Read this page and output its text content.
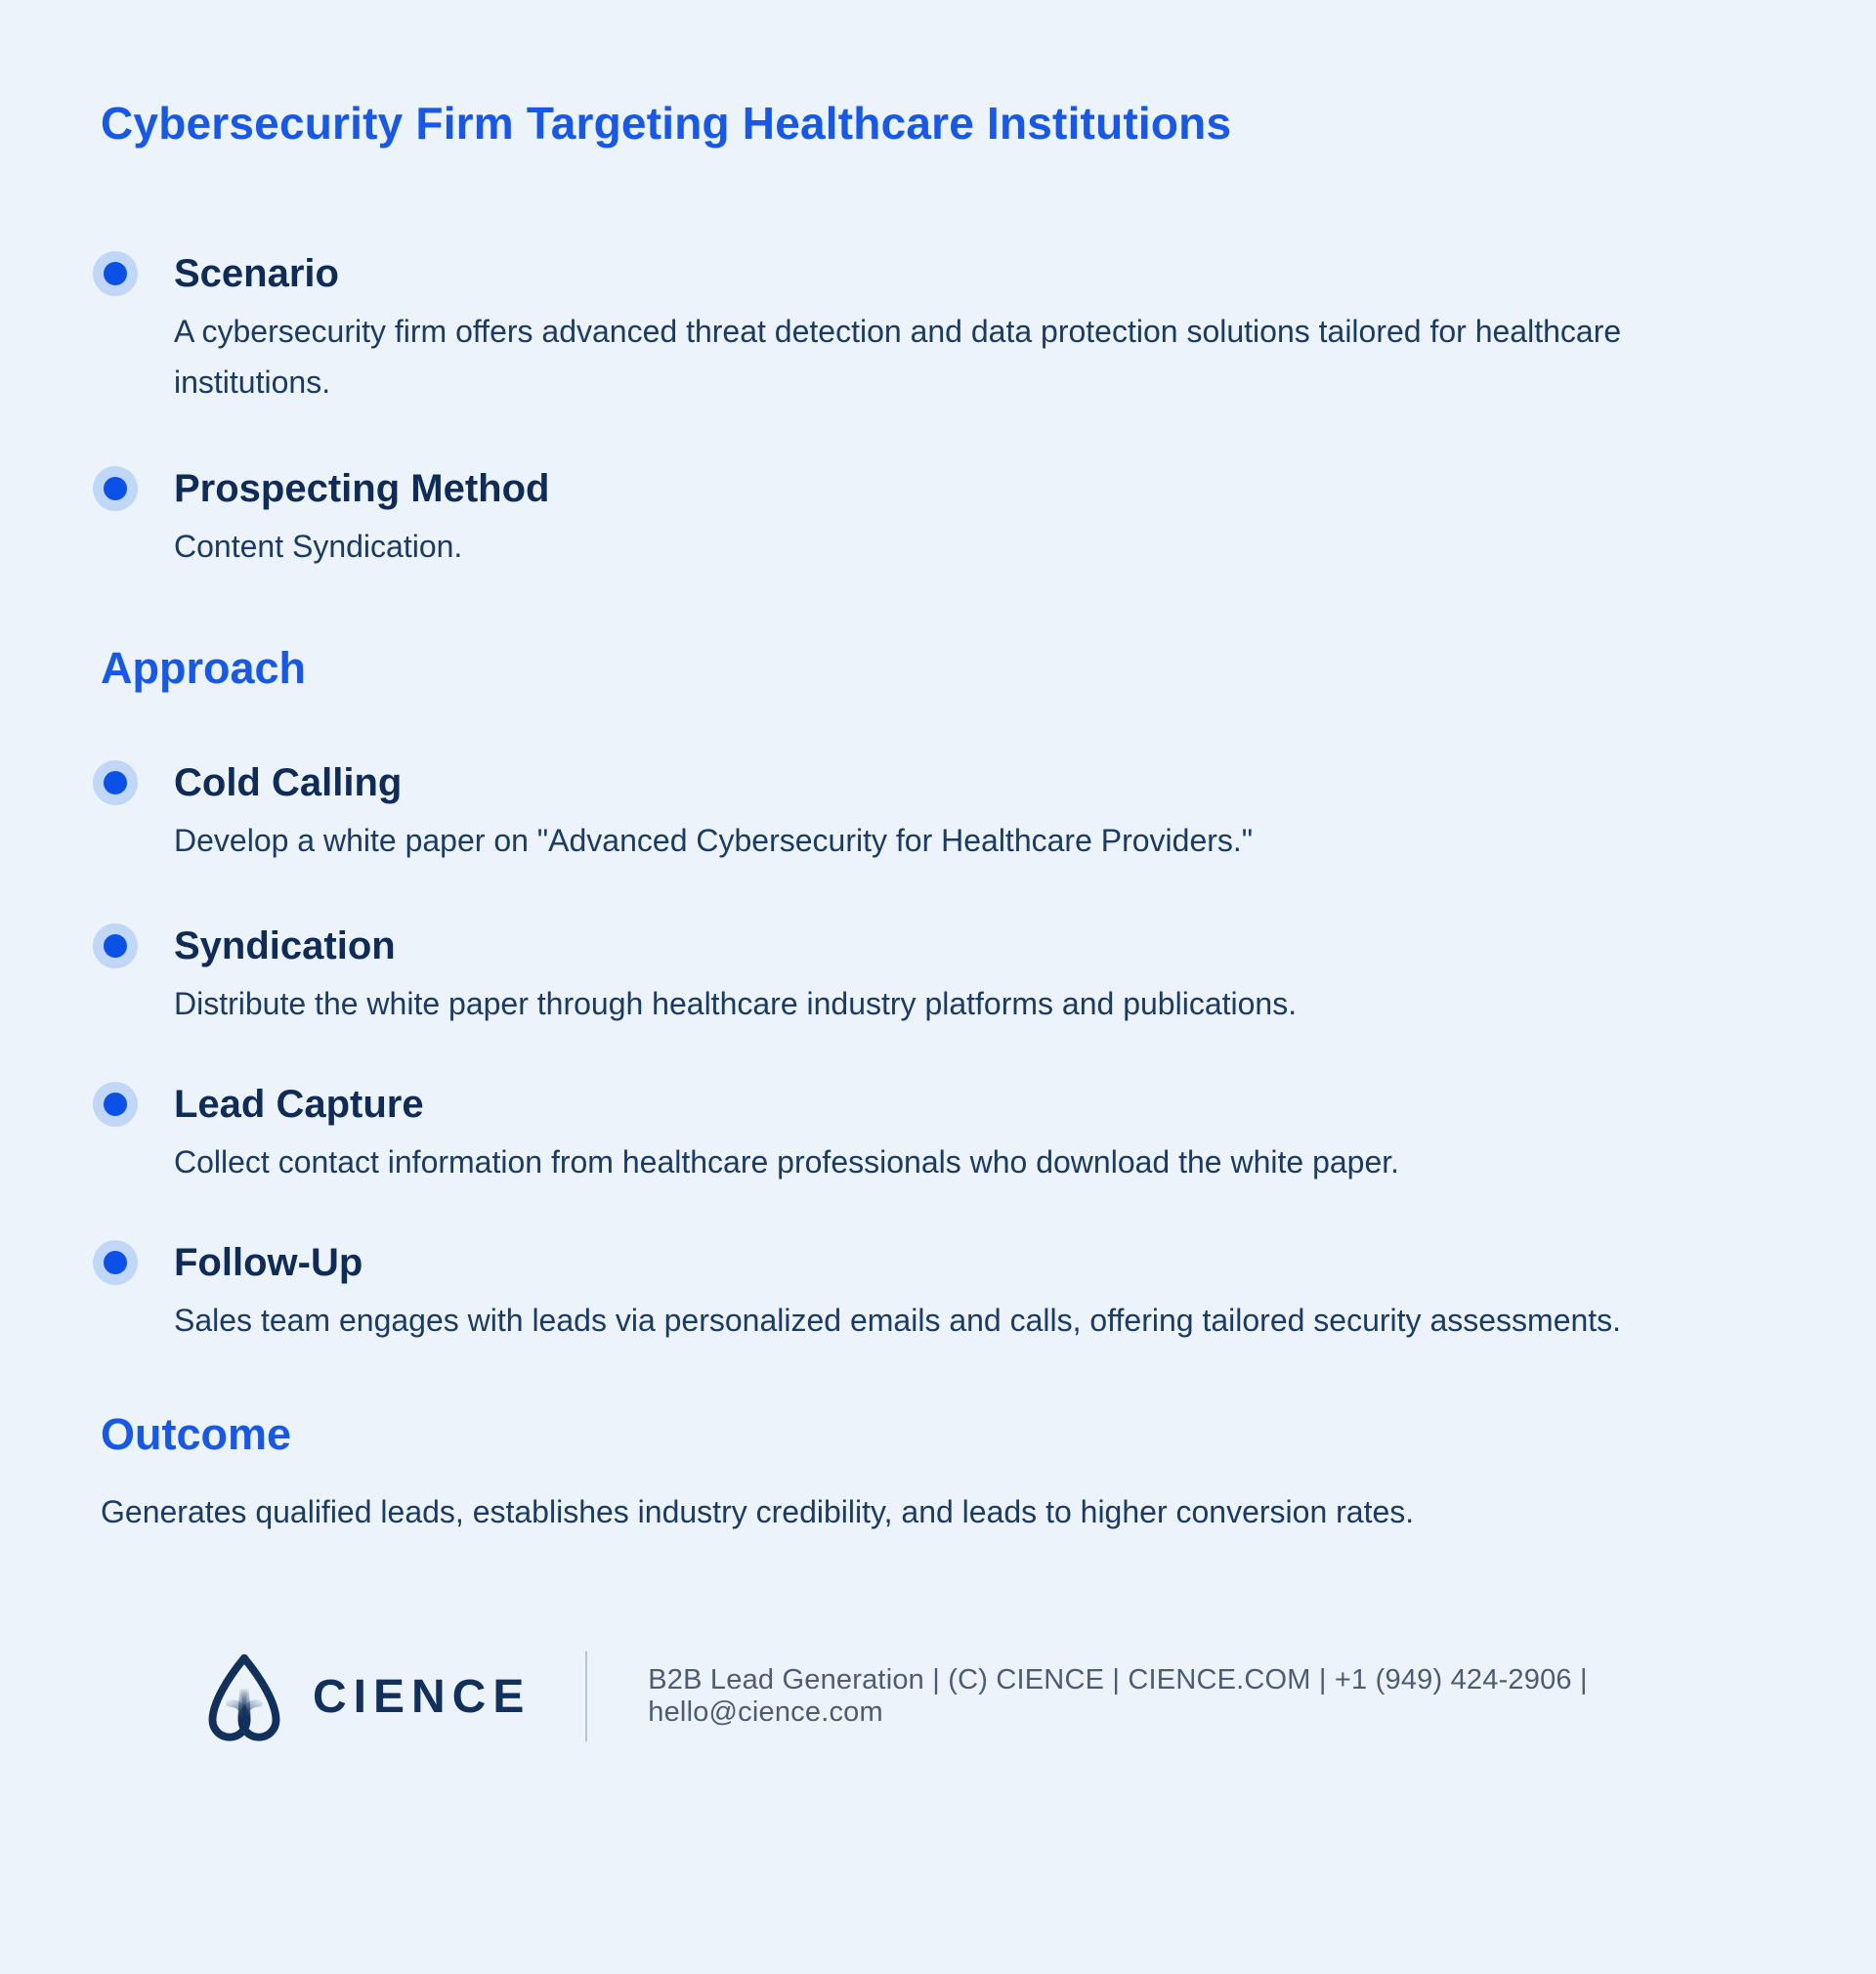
Cybersecurity Firm Targeting Healthcare Institutions
Scenario

A cybersecurity firm offers advanced threat detection and data protection solutions tailored for healthcare institutions.

Prospecting Method

Content Syndication.

Approach
Cold Calling

Develop a white paper on "Advanced Cybersecurity for Healthcare Providers."

Syndication

Distribute the white paper through healthcare industry platforms and publications.

Lead Capture

Collect contact information from healthcare professionals who download the white paper.

Follow-Up

Sales team engages with leads via personalized emails and calls, offering tailored security assessments.

Outcome

Generates qualified leads, establishes industry credibility, and leads to higher conversion rates.

CIENCE	B2B Lead Generation | (C) CIENCE | CIENCE.COM | +1 (949) 424-2906 | hello@cience.com
